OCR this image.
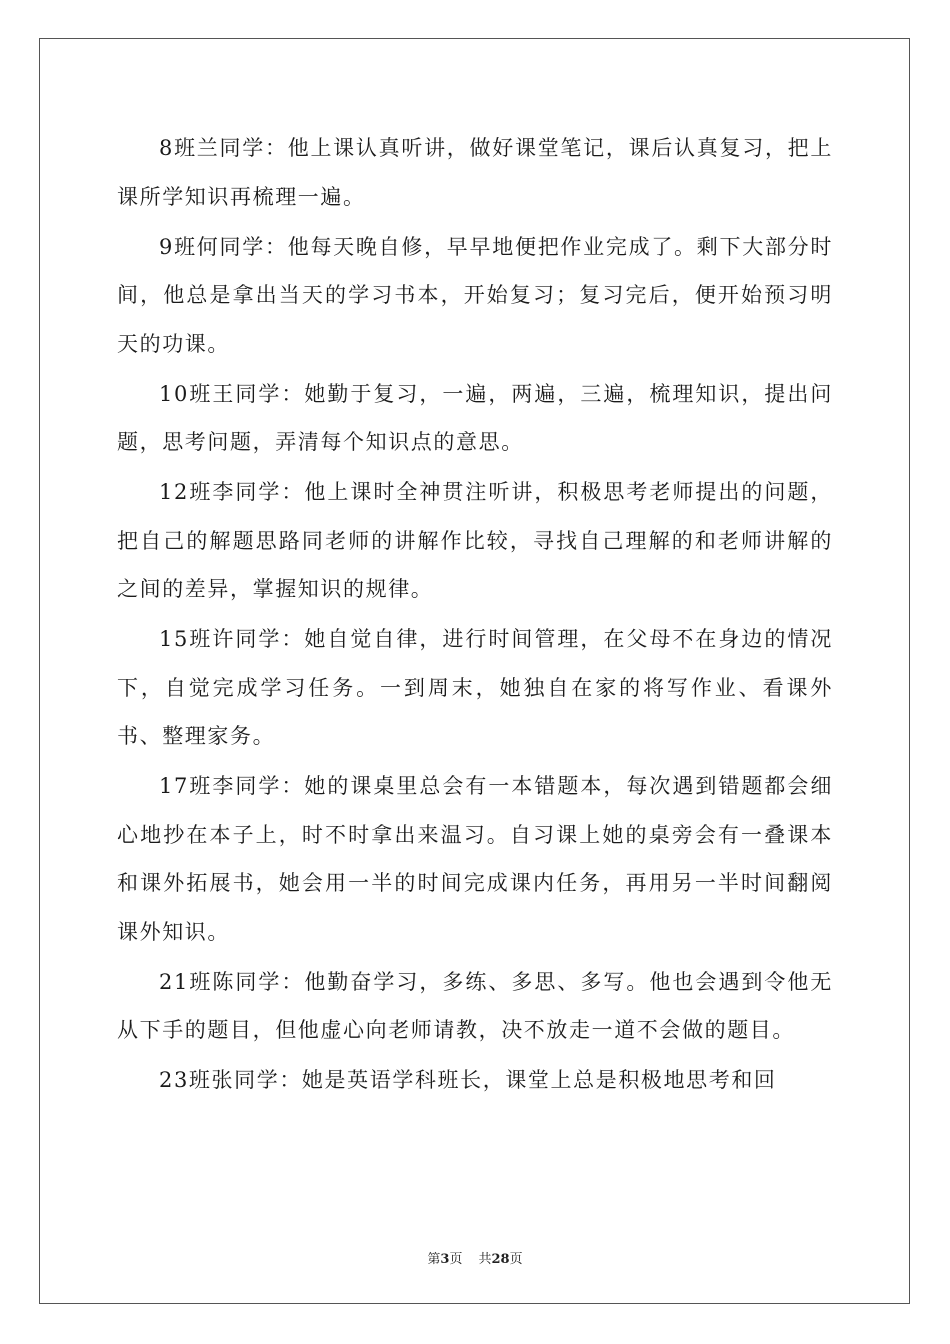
8班兰同学：他上课认真听讲，做好课堂笔记，课后认真复习，把上课所学知识再梳理一遍。

9班何同学：他每天晚自修，早早地便把作业完成了。剩下大部分时间，他总是拿出当天的学习书本，开始复习；复习完后，便开始预习明天的功课。

10班王同学：她勤于复习，一遍，两遍，三遍，梳理知识，提出问题，思考问题，弄清每个知识点的意思。

12班李同学：他上课时全神贯注听讲，积极思考老师提出的问题，把自己的解题思路同老师的讲解作比较，寻找自己理解的和老师讲解的之间的差异，掌握知识的规律。

15班许同学：她自觉自律，进行时间管理，在父母不在身边的情况下，自觉完成学习任务。一到周末，她独自在家的将写作业、看课外书、整理家务。

17班李同学：她的课桌里总会有一本错题本，每次遇到错题都会细心地抄在本子上，时不时拿出来温习。自习课上她的桌旁会有一叠课本和课外拓展书，她会用一半的时间完成课内任务，再用另一半时间翻阅课外知识。

21班陈同学：他勤奋学习，多练、多思、多写。他也会遇到令他无从下手的题目，但他虚心向老师请教，决不放走一道不会做的题目。

23班张同学：她是英语学科班长，课堂上总是积极地思考和回

第3页 共28页
